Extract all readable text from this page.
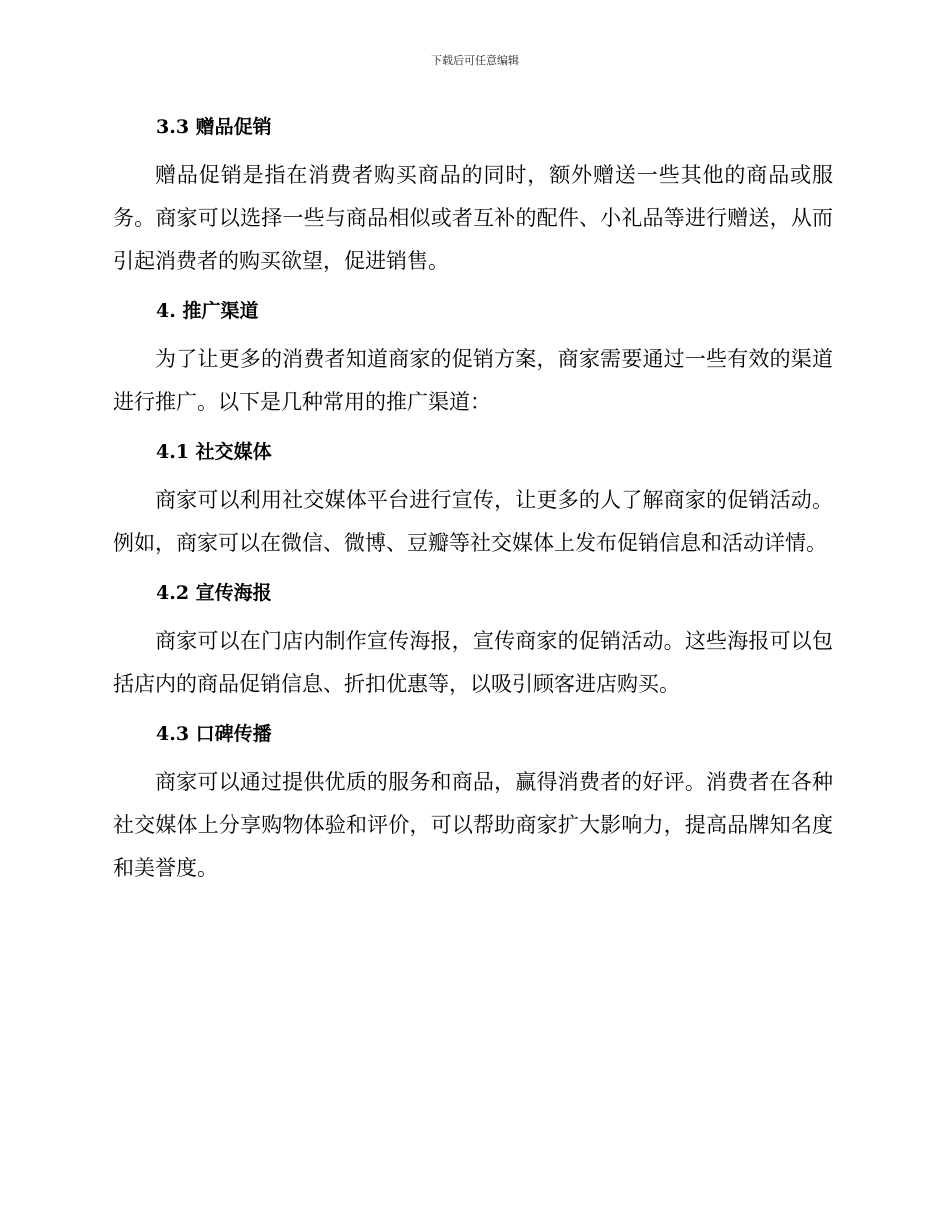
下载后可任意编辑
3.3 赠品促销

赠品促销是指在消费者购买商品的同时，额外赠送一些其他的商品或服务。商家可以选择一些与商品相似或者互补的配件、小礼品等进行赠送，从而引起消费者的购买欲望，促进销售。

4. 推广渠道

为了让更多的消费者知道商家的促销方案，商家需要通过一些有效的渠道进行推广。以下是几种常用的推广渠道：

4.1 社交媒体

商家可以利用社交媒体平台进行宣传，让更多的人了解商家的促销活动。例如，商家可以在微信、微博、豆瓣等社交媒体上发布促销信息和活动详情。

4.2 宣传海报

商家可以在门店内制作宣传海报，宣传商家的促销活动。这些海报可以包括店内的商品促销信息、折扣优惠等，以吸引顾客进店购买。

4.3 口碑传播

商家可以通过提供优质的服务和商品，赢得消费者的好评。消费者在各种社交媒体上分享购物体验和评价，可以帮助商家扩大影响力，提高品牌知名度和美誉度。
